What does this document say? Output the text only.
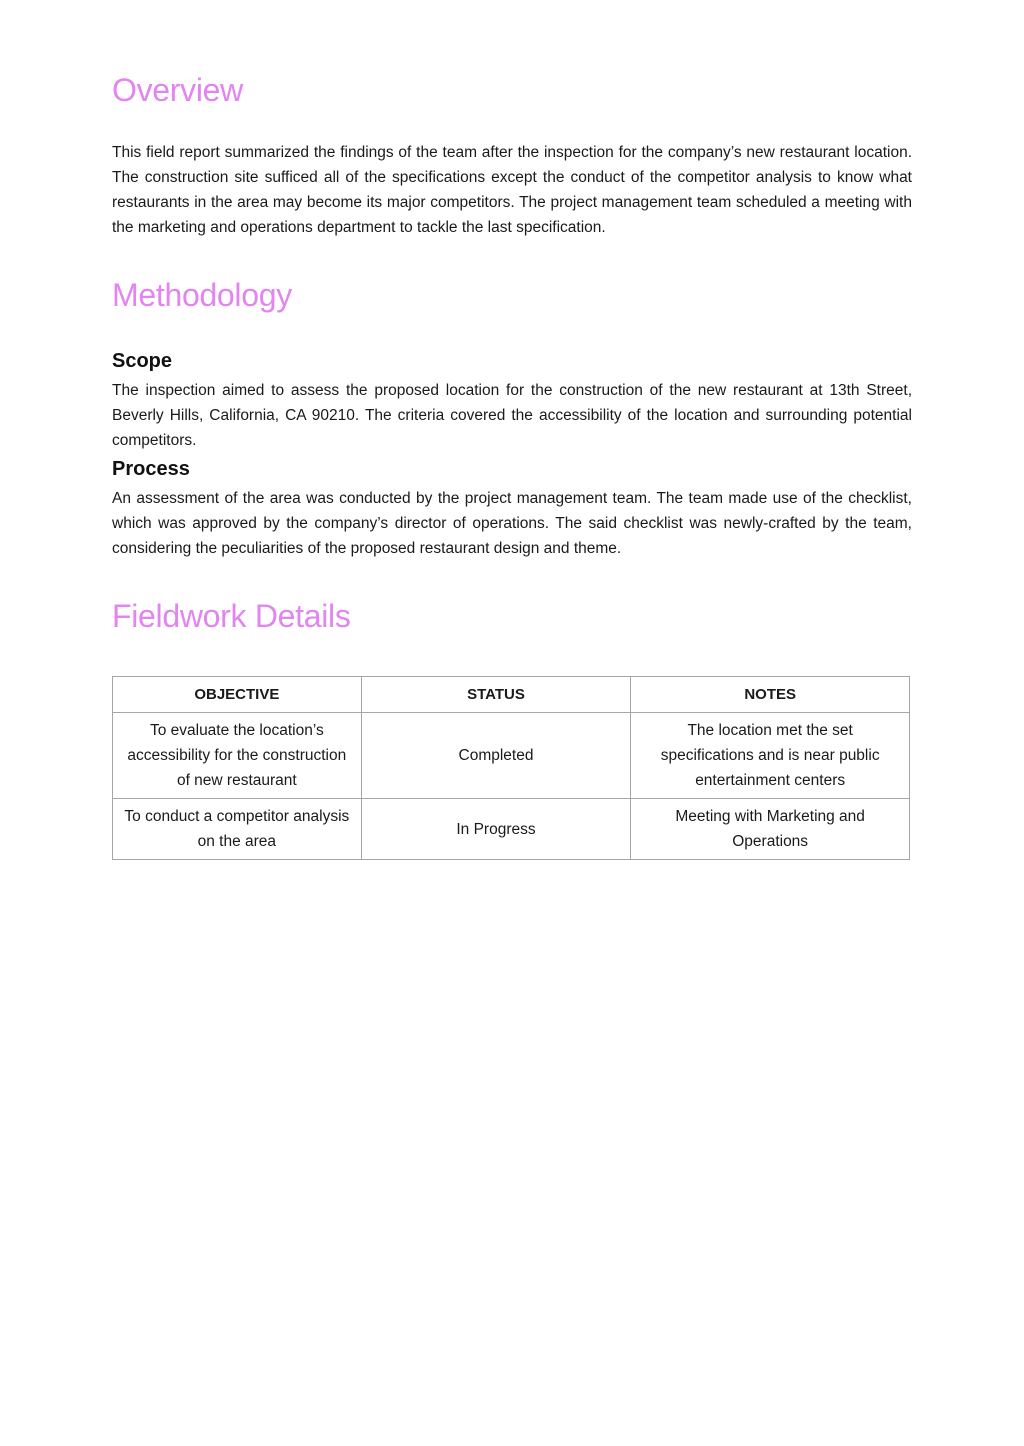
Overview

This field report summarized the findings of the team after the inspection for the company’s new restaurant location. The construction site sufficed all of the specifications except the conduct of the competitor analysis to know what restaurants in the area may become its major competitors. The project management team scheduled a meeting with the marketing and operations department to tackle the last specification.

Methodology
Scope

The inspection aimed to assess the proposed location for the construction of the new restaurant at 13th Street, Beverly Hills, California, CA 90210. The criteria covered the accessibility of the location and surrounding potential competitors.

Process

An assessment of the area was conducted by the project management team. The team made use of the checklist, which was approved by the company’s director of operations. The said checklist was newly-crafted by the team, considering the peculiarities of the proposed restaurant design and theme.

Fieldwork Details
OBJECTIVE	STATUS	NOTES
To evaluate the location’s accessibility for the construction of new restaurant	Completed	The location met the set specifications and is near public entertainment centers
To conduct a competitor analysis on the area	In Progress	Meeting with Marketing and Operations
